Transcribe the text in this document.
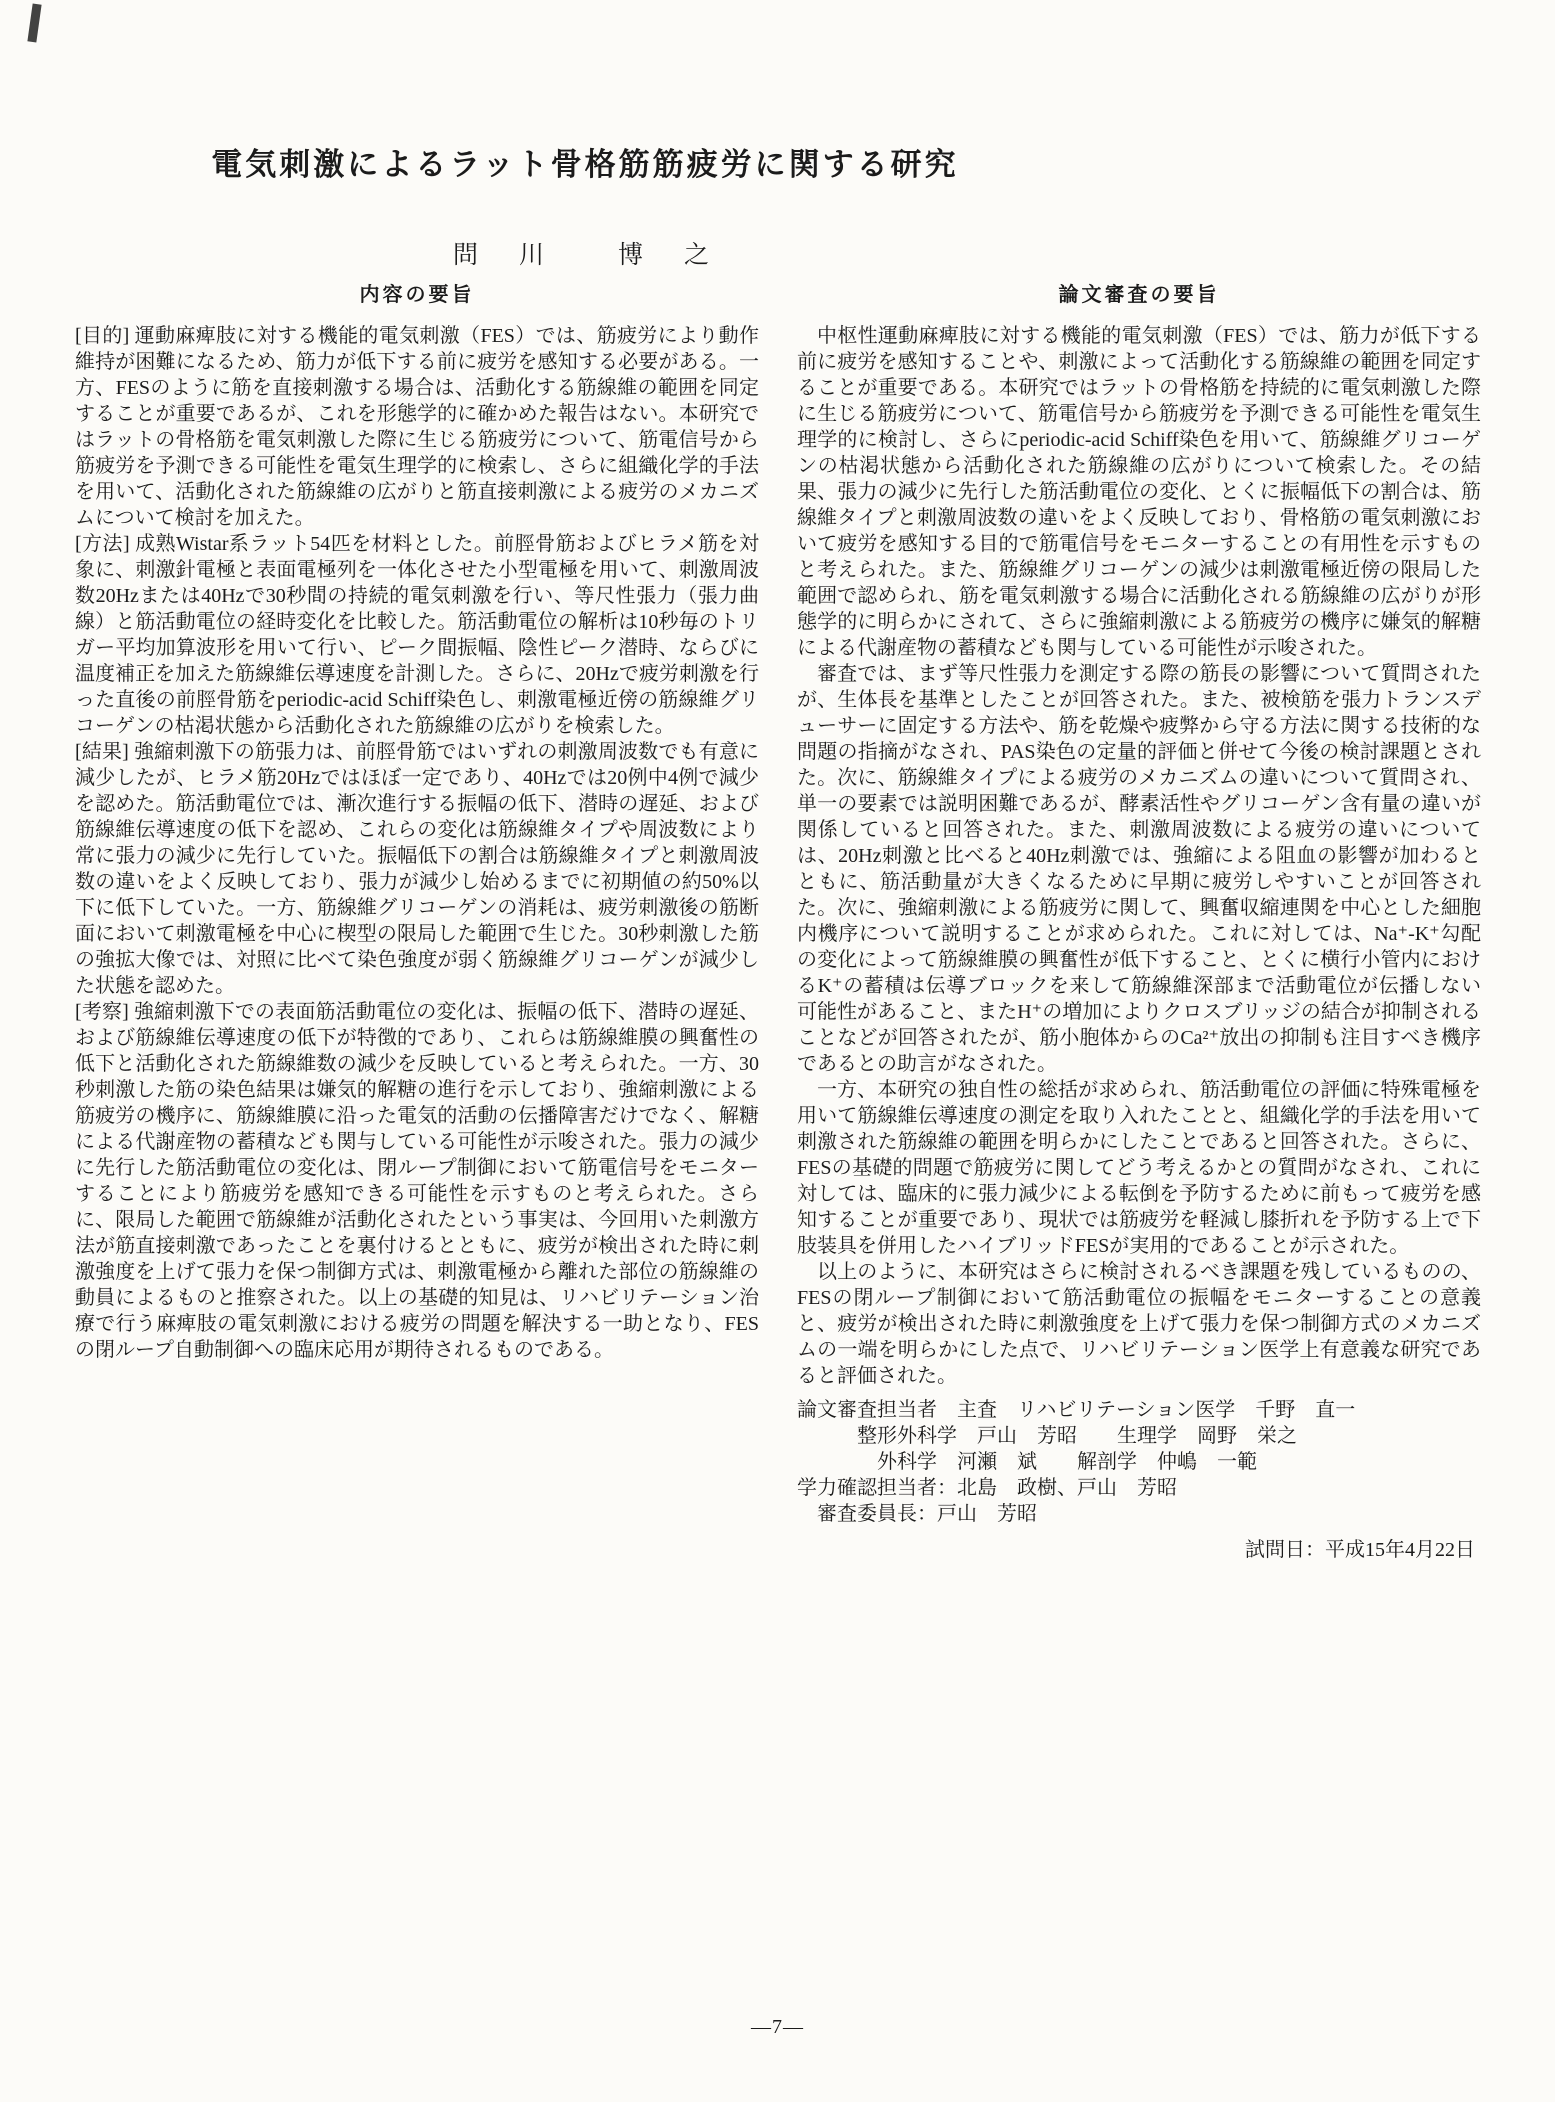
電気刺激によるラット骨格筋筋疲労に関する研究
問　川　　博　之
内容の要旨

[目的] 運動麻痺肢に対する機能的電気刺激（FES）では、筋疲労により動作維持が困難になるため、筋力が低下する前に疲労を感知する必要がある。一方、FESのように筋を直接刺激する場合は、活動化する筋線維の範囲を同定することが重要であるが、これを形態学的に確かめた報告はない。本研究ではラットの骨格筋を電気刺激した際に生じる筋疲労について、筋電信号から筋疲労を予測できる可能性を電気生理学的に検索し、さらに組織化学的手法を用いて、活動化された筋線維の広がりと筋直接刺激による疲労のメカニズムについて検討を加えた。

[方法] 成熟Wistar系ラット54匹を材料とした。前脛骨筋およびヒラメ筋を対象に、刺激針電極と表面電極列を一体化させた小型電極を用いて、刺激周波数20Hzまたは40Hzで30秒間の持続的電気刺激を行い、等尺性張力（張力曲線）と筋活動電位の経時変化を比較した。筋活動電位の解析は10秒毎のトリガー平均加算波形を用いて行い、ピーク間振幅、陰性ピーク潜時、ならびに温度補正を加えた筋線維伝導速度を計測した。さらに、20Hzで疲労刺激を行った直後の前脛骨筋をperiodic-acid Schiff染色し、刺激電極近傍の筋線維グリコーゲンの枯渇状態から活動化された筋線維の広がりを検索した。

[結果] 強縮刺激下の筋張力は、前脛骨筋ではいずれの刺激周波数でも有意に減少したが、ヒラメ筋20Hzではほぼ一定であり、40Hzでは20例中4例で減少を認めた。筋活動電位では、漸次進行する振幅の低下、潜時の遅延、および筋線維伝導速度の低下を認め、これらの変化は筋線維タイプや周波数により常に張力の減少に先行していた。振幅低下の割合は筋線維タイプと刺激周波数の違いをよく反映しており、張力が減少し始めるまでに初期値の約50%以下に低下していた。一方、筋線維グリコーゲンの消耗は、疲労刺激後の筋断面において刺激電極を中心に楔型の限局した範囲で生じた。30秒刺激した筋の強拡大像では、対照に比べて染色強度が弱く筋線維グリコーゲンが減少した状態を認めた。

[考察] 強縮刺激下での表面筋活動電位の変化は、振幅の低下、潜時の遅延、および筋線維伝導速度の低下が特徴的であり、これらは筋線維膜の興奮性の低下と活動化された筋線維数の減少を反映していると考えられた。一方、30秒刺激した筋の染色結果は嫌気的解糖の進行を示しており、強縮刺激による筋疲労の機序に、筋線維膜に沿った電気的活動の伝播障害だけでなく、解糖による代謝産物の蓄積なども関与している可能性が示唆された。張力の減少に先行した筋活動電位の変化は、閉ループ制御において筋電信号をモニターすることにより筋疲労を感知できる可能性を示すものと考えられた。さらに、限局した範囲で筋線維が活動化されたという事実は、今回用いた刺激方法が筋直接刺激であったことを裏付けるとともに、疲労が検出された時に刺激強度を上げて張力を保つ制御方式は、刺激電極から離れた部位の筋線維の動員によるものと推察された。以上の基礎的知見は、リハビリテーション治療で行う麻痺肢の電気刺激における疲労の問題を解決する一助となり、FESの閉ループ自動制御への臨床応用が期待されるものである。

論文審査の要旨

中枢性運動麻痺肢に対する機能的電気刺激（FES）では、筋力が低下する前に疲労を感知することや、刺激によって活動化する筋線維の範囲を同定することが重要である。本研究ではラットの骨格筋を持続的に電気刺激した際に生じる筋疲労について、筋電信号から筋疲労を予測できる可能性を電気生理学的に検討し、さらにperiodic-acid Schiff染色を用いて、筋線維グリコーゲンの枯渇状態から活動化された筋線維の広がりについて検索した。その結果、張力の減少に先行した筋活動電位の変化、とくに振幅低下の割合は、筋線維タイプと刺激周波数の違いをよく反映しており、骨格筋の電気刺激において疲労を感知する目的で筋電信号をモニターすることの有用性を示すものと考えられた。また、筋線維グリコーゲンの減少は刺激電極近傍の限局した範囲で認められ、筋を電気刺激する場合に活動化される筋線維の広がりが形態学的に明らかにされて、さらに強縮刺激による筋疲労の機序に嫌気的解糖による代謝産物の蓄積なども関与している可能性が示唆された。

審査では、まず等尺性張力を測定する際の筋長の影響について質問されたが、生体長を基準としたことが回答された。また、被検筋を張力トランスデューサーに固定する方法や、筋を乾燥や疲弊から守る方法に関する技術的な問題の指摘がなされ、PAS染色の定量的評価と併せて今後の検討課題とされた。次に、筋線維タイプによる疲労のメカニズムの違いについて質問され、単一の要素では説明困難であるが、酵素活性やグリコーゲン含有量の違いが関係していると回答された。また、刺激周波数による疲労の違いについては、20Hz刺激と比べると40Hz刺激では、強縮による阻血の影響が加わるとともに、筋活動量が大きくなるために早期に疲労しやすいことが回答された。次に、強縮刺激による筋疲労に関して、興奮収縮連関を中心とした細胞内機序について説明することが求められた。これに対しては、Na⁺-K⁺勾配の変化によって筋線維膜の興奮性が低下すること、とくに横行小管内におけるK⁺の蓄積は伝導ブロックを来して筋線維深部まで活動電位が伝播しない可能性があること、またH⁺の増加によりクロスブリッジの結合が抑制されることなどが回答されたが、筋小胞体からのCa²⁺放出の抑制も注目すべき機序であるとの助言がなされた。

一方、本研究の独自性の総括が求められ、筋活動電位の評価に特殊電極を用いて筋線維伝導速度の測定を取り入れたことと、組織化学的手法を用いて刺激された筋線維の範囲を明らかにしたことであると回答された。さらに、FESの基礎的問題で筋疲労に関してどう考えるかとの質問がなされ、これに対しては、臨床的に張力減少による転倒を予防するために前もって疲労を感知することが重要であり、現状では筋疲労を軽減し膝折れを予防する上で下肢装具を併用したハイブリッドFESが実用的であることが示された。

以上のように、本研究はさらに検討されるべき課題を残しているものの、FESの閉ループ制御において筋活動電位の振幅をモニターすることの意義と、疲労が検出された時に刺激強度を上げて張力を保つ制御方式のメカニズムの一端を明らかにした点で、リハビリテーション医学上有意義な研究であると評価された。

論文審査担当者　主査　リハビリテーション医学　千野　直一
　　　整形外科学　戸山　芳昭　　生理学　岡野　栄之
　　　　外科学　河瀬　斌　　解剖学　仲嶋　一範
学力確認担当者：北島　政樹、戸山　芳昭
　審査委員長：戸山　芳昭
試問日：平成15年4月22日
—7—
